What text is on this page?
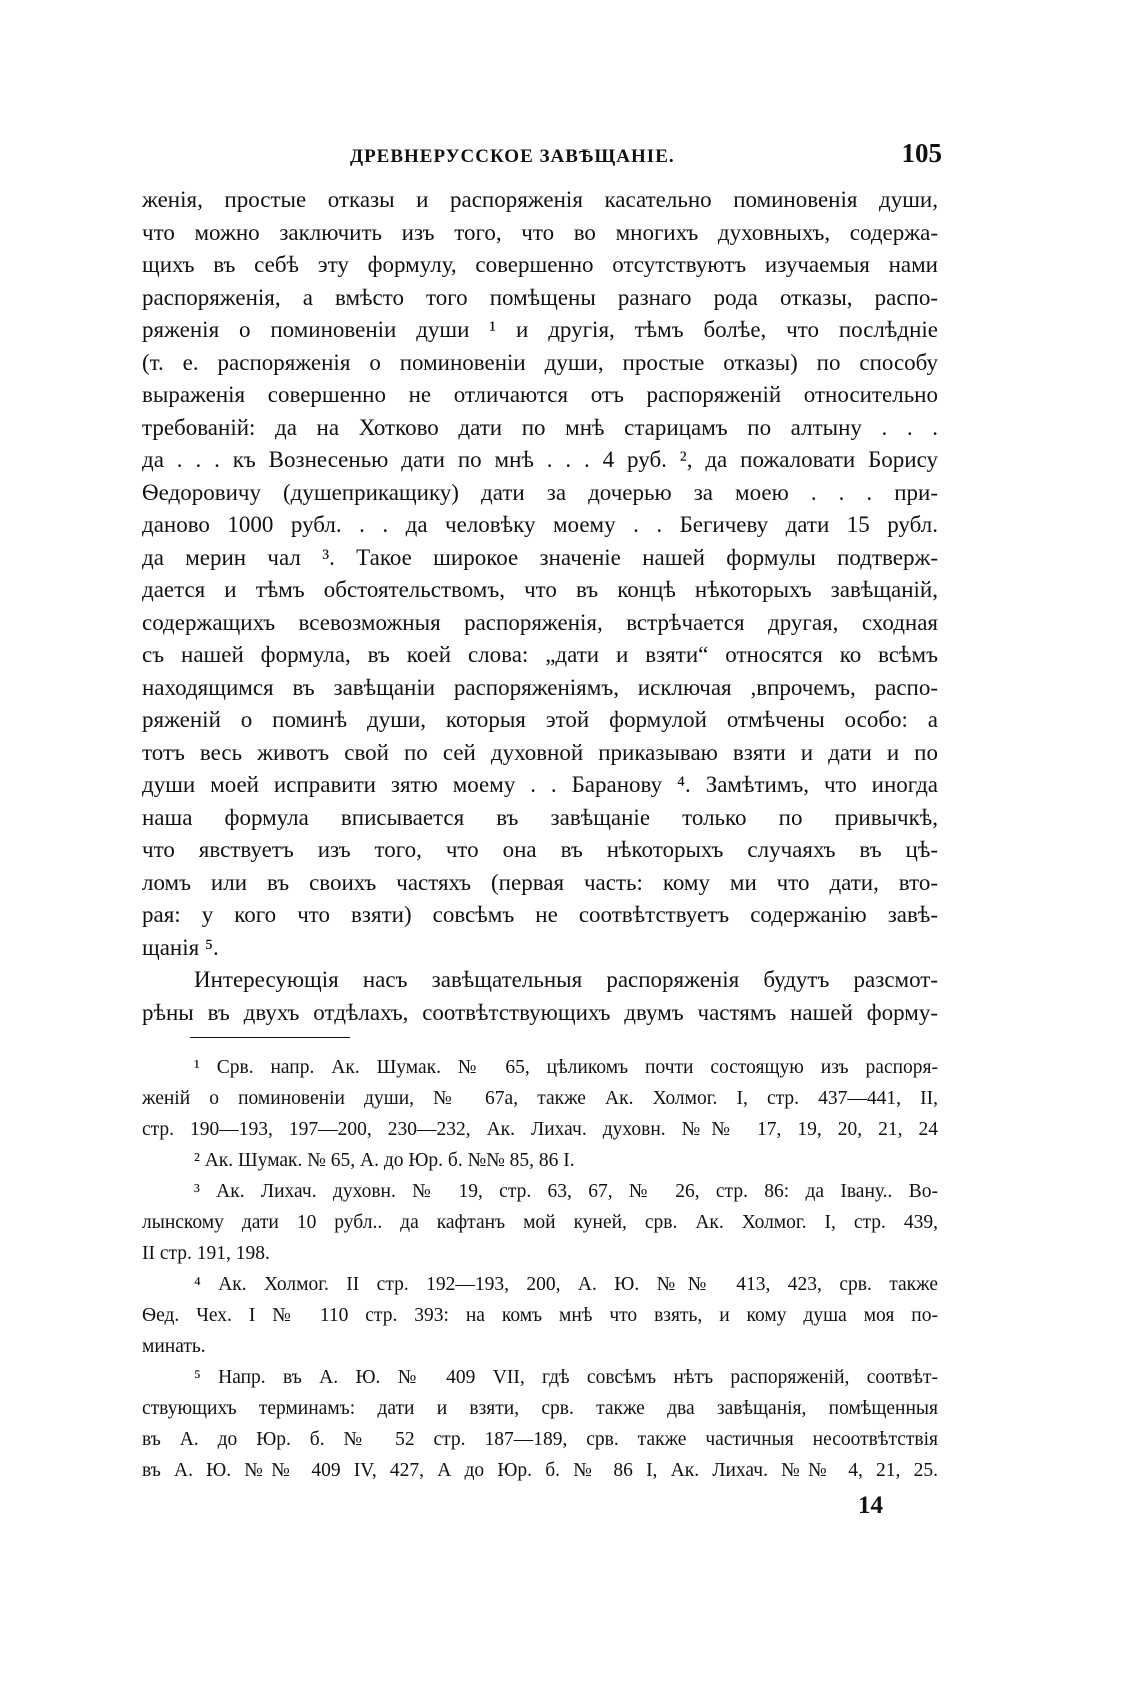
ДРЕВНЕРУССКОЕ ЗАВѢЩАНІЕ.	105
женія, простые отказы и распоряженія касательно поминовенія души,
что можно заключить изъ того, что во многихъ духовныхъ, содержа-
щихъ въ себѣ эту формулу, совершенно отсутствуютъ изучаемыя нами
распоряженія, а вмѣсто того помѣщены разнаго рода отказы, распо-
ряженія о поминовеніи души ¹ и другія, тѣмъ болѣе, что послѣдніе
(т. е. распоряженія о поминовеніи души, простые отказы) по способу
выраженія совершенно не отличаются отъ распоряженій относительно
требованій: да на Хотково дати по мнѣ старицамъ по алтыну . . .
да . . . къ Вознесенью дати по мнѣ . . . 4 руб. ², да пожаловати Борису
Ѳедоровичу (душеприкащику) дати за дочерью за моею . . . при-
даново 1000 рубл. . . да человѣку моему . . Бегичеву дати 15 рубл.
да мерин чал ³. Такое широкое значеніе нашей формулы подтверж-
дается и тѣмъ обстоятельствомъ, что въ концѣ нѣкоторыхъ завѣщаній,
содержащихъ всевозможныя распоряженія, встрѣчается другая, сходная
съ нашей формула, въ коей слова: „дати и взяти“ относятся ко всѣмъ
находящимся въ завѣщаніи распоряженіямъ, исключая ,впрочемъ, распо-
ряженій о поминѣ души, которыя этой формулой отмѣчены особо: а
тотъ весь животъ свой по сей духовной приказываю взяти и дати и по
души моей исправити зятю моему . . Баранову ⁴. Замѣтимъ, что иногда
наша формула вписывается въ завѣщаніе только по привычкѣ,
что явствуетъ изъ того, что она въ нѣкоторыхъ случаяхъ въ цѣ-
ломъ или въ своихъ частяхъ (первая часть: кому ми что дати, вто-
рая: у кого что взяти) совсѣмъ не соотвѣтствуетъ содержанію завѣ-
щанія ⁵.
Интересующія насъ завѣщательныя распоряженія будутъ разсмот-
рѣны въ двухъ отдѣлахъ, соотвѣтствующихъ двумъ частямъ нашей форму-
¹ Срв. напр. Ак. Шумак. № 65, цѣликомъ почти состоящую изъ распоря-
женій о поминовеніи души, № 67а, также Ак. Холмог. I, стр. 437—441, II,
стр. 190—193, 197—200, 230—232, Ак. Лихач. духовн. №№ 17, 19, 20, 21, 24
² Ак. Шумак. № 65, А. до Юр. б. №№ 85, 86 I.
³ Ак. Лихач. духовн. № 19, стр. 63, 67, № 26, стр. 86: да Івану.. Во-
лынскому дати 10 рубл.. да кафтанъ мой куней, срв. Ак. Холмог. I, стр. 439,
II стр. 191, 198.
⁴ Ак. Холмог. II стр. 192—193, 200, А. Ю. №№ 413, 423, срв. также
Ѳед. Чех. I № 110 стр. 393: на комъ мнѣ что взять, и кому душа моя по-
минать.
⁵ Напр. въ А. Ю. № 409 VII, гдѣ совсѣмъ нѣтъ распоряженій, соотвѣт-
ствующихъ терминамъ: дати и взяти, срв. также два завѣщанія, помѣщенныя
въ А. до Юр. б. № 52 стр. 187—189, срв. также частичныя несоотвѣтствія
въ А. Ю. №№ 409 IV, 427, А до Юр. б. № 86 I, Ак. Лихач. №№ 4, 21, 25.
14
